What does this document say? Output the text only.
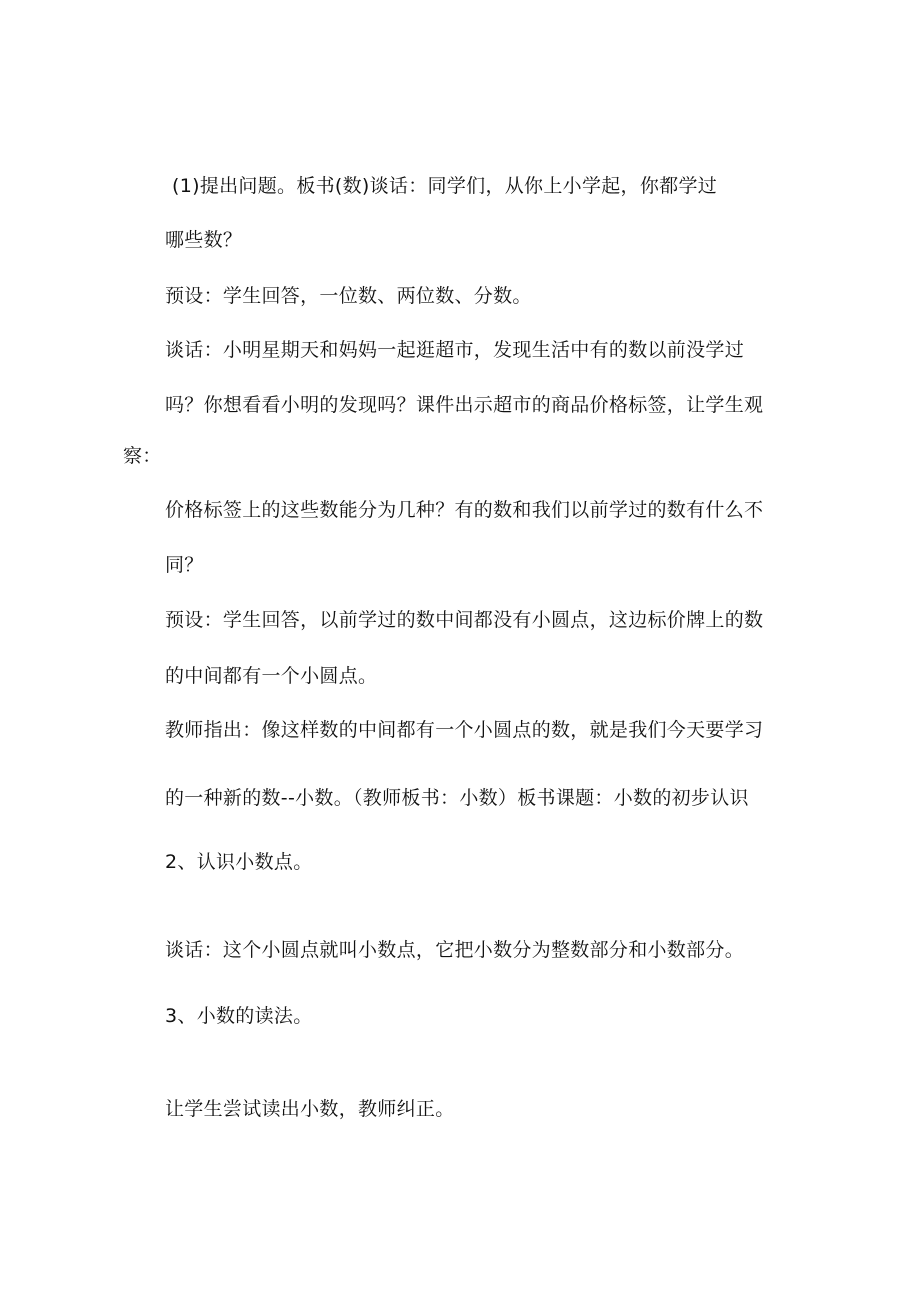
(1)提出问题。板书(数)谈话：同学们，从你上小学起，你都学过
哪些数？
预设：学生回答，一位数、两位数、分数。
谈话：小明星期天和妈妈一起逛超市，发现生活中有的数以前没学过
吗？你想看看小明的发现吗？课件出示超市的商品价格标签，让学生观
察：
价格标签上的这些数能分为几种？有的数和我们以前学过的数有什么不
同？
预设：学生回答，以前学过的数中间都没有小圆点，这边标价牌上的数
的中间都有一个小圆点。
教师指出：像这样数的中间都有一个小圆点的数，就是我们今天要学习
的一种新的数--小数。（教师板书：小数）板书课题：小数的初步认识
2、认识小数点。
谈话：这个小圆点就叫小数点，它把小数分为整数部分和小数部分。
3、小数的读法。
让学生尝试读出小数，教师纠正。
